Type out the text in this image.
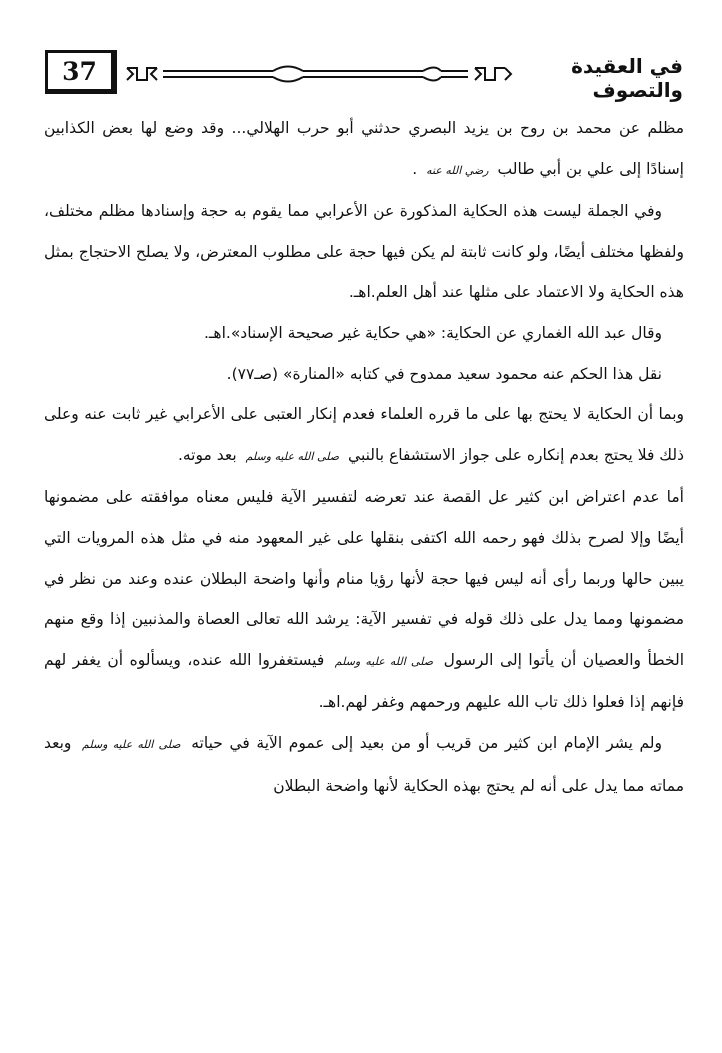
37	في العقيدة والتصوف

مظلم عن محمد بن روح بن يزيد البصري حدثني أبو حرب الهلالي... وقد وضع لها بعض الكذابين إسنادًا إلى علي بن أبي طالب رضي الله عنه .

وفي الجملة ليست هذه الحكاية المذكورة عن الأعرابي مما يقوم به حجة وإسنادها مظلم مختلف، ولفظها مختلف أيضًا، ولو كانت ثابتة لم يكن فيها حجة على مطلوب المعترض، ولا يصلح الاحتجاج بمثل هذه الحكاية ولا الاعتماد على مثلها عند أهل العلم.اهـ.

وقال عبد الله الغماري عن الحكاية: «هي حكاية غير صحيحة الإسناد».اهـ.

نقل هذا الحكم عنه محمود سعيد ممدوح في كتابه «المنارة» (صـ٧٧).

وبما أن الحكاية لا يحتج بها على ما قرره العلماء فعدم إنكار العتبى على الأعرابي غير ثابت عنه وعلى ذلك فلا يحتج بعدم إنكاره على جواز الاستشفاع بالنبي صلى الله عليه وسلم بعد موته.

أما عدم اعتراض ابن كثير عل القصة عند تعرضه لتفسير الآية فليس معناه موافقته على مضمونها أيضًا وإلا لصرح بذلك فهو رحمه الله اكتفى بنقلها على غير المعهود منه في مثل هذه المرويات التي يبين حالها وربما رأى أنه ليس فيها حجة لأنها رؤيا منام وأنها واضحة البطلان عنده وعند من نظر في مضمونها ومما يدل على ذلك قوله في تفسير الآية: يرشد الله تعالى العصاة والمذنبين إذا وقع منهم الخطأ والعصيان أن يأتوا إلى الرسول صلى الله عليه وسلم فيستغفروا الله عنده، ويسألوه أن يغفر لهم فإنهم إذا فعلوا ذلك تاب الله عليهم ورحمهم وغفر لهم.اهـ.

ولم يشر الإمام ابن كثير من قريب أو من بعيد إلى عموم الآية في حياته صلى الله عليه وسلم وبعد مماته مما يدل على أنه لم يحتج بهذه الحكاية لأنها واضحة البطلان
